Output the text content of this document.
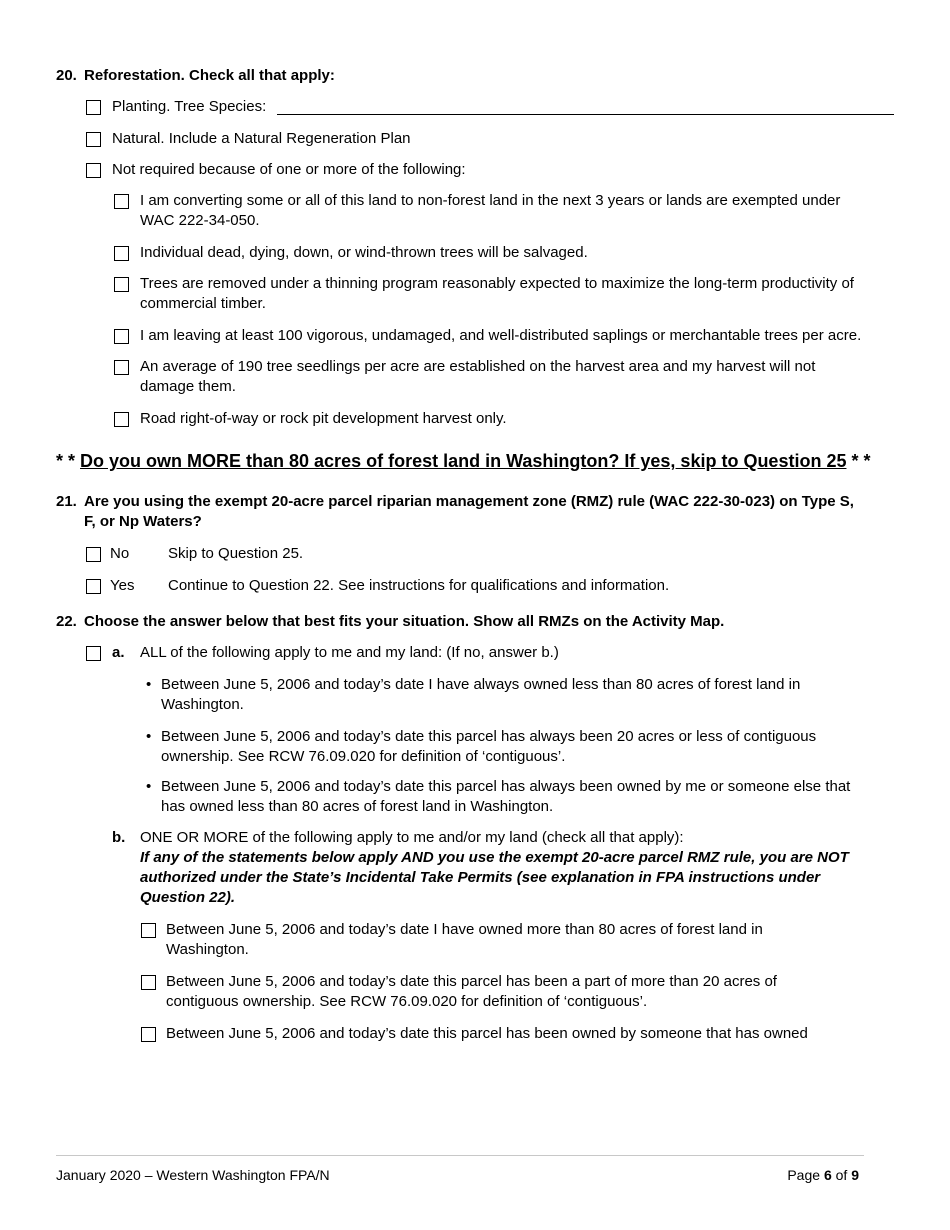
20. Reforestation. Check all that apply:
Planting. Tree Species:
Natural. Include a Natural Regeneration Plan
Not required because of one or more of the following:
I am converting some or all of this land to non-forest land in the next 3 years or lands are exempted under
WAC 222-34-050.
Individual dead, dying, down, or wind-thrown trees will be salvaged.
Trees are removed under a thinning program reasonably expected to maximize the long-term productivity of
commercial timber.
I am leaving at least 100 vigorous, undamaged, and well-distributed saplings or merchantable trees per acre.
An average of 190 tree seedlings per acre are established on the harvest area and my harvest will not
damage them.
Road right-of-way or rock pit development harvest only.
* * Do you own MORE than 80 acres of forest land in Washington? If yes, skip to Question 25 * *
21. Are you using the exempt 20-acre parcel riparian management zone (RMZ) rule (WAC 222-30-023) on Type S,
F, or Np Waters?
No	Skip to Question 25.
Yes Continue to Question 22. See instructions for qualifications and information.
22. Choose the answer below that best fits your situation. Show all RMZs on the Activity Map.
a. ALL of the following apply to me and my land: (If no, answer b.)
• Between June 5, 2006 and today’s date I have always owned less than 80 acres of forest land in
Washington.
• Between June 5, 2006 and today’s date this parcel has always been 20 acres or less of contiguous
ownership. See RCW 76.09.020 for definition of ‘contiguous’.
• Between June 5, 2006 and today’s date this parcel has always been owned by me or someone else that
has owned less than 80 acres of forest land in Washington.
b. ONE OR MORE of the following apply to me and/or my land (check all that apply):
If any of the statements below apply AND you use the exempt 20-acre parcel RMZ rule, you are NOT
authorized under the State’s Incidental Take Permits (see explanation in FPA instructions under
Question 22).
Between June 5, 2006 and today’s date I have owned more than 80 acres of forest land in
Washington.
Between June 5, 2006 and today’s date this parcel has been a part of more than 20 acres of
contiguous ownership. See RCW 76.09.020 for definition of ‘contiguous’.
Between June 5, 2006 and today’s date this parcel has been owned by someone that has owned
January 2020 – Western Washington FPA/N	Page 6 of 9
